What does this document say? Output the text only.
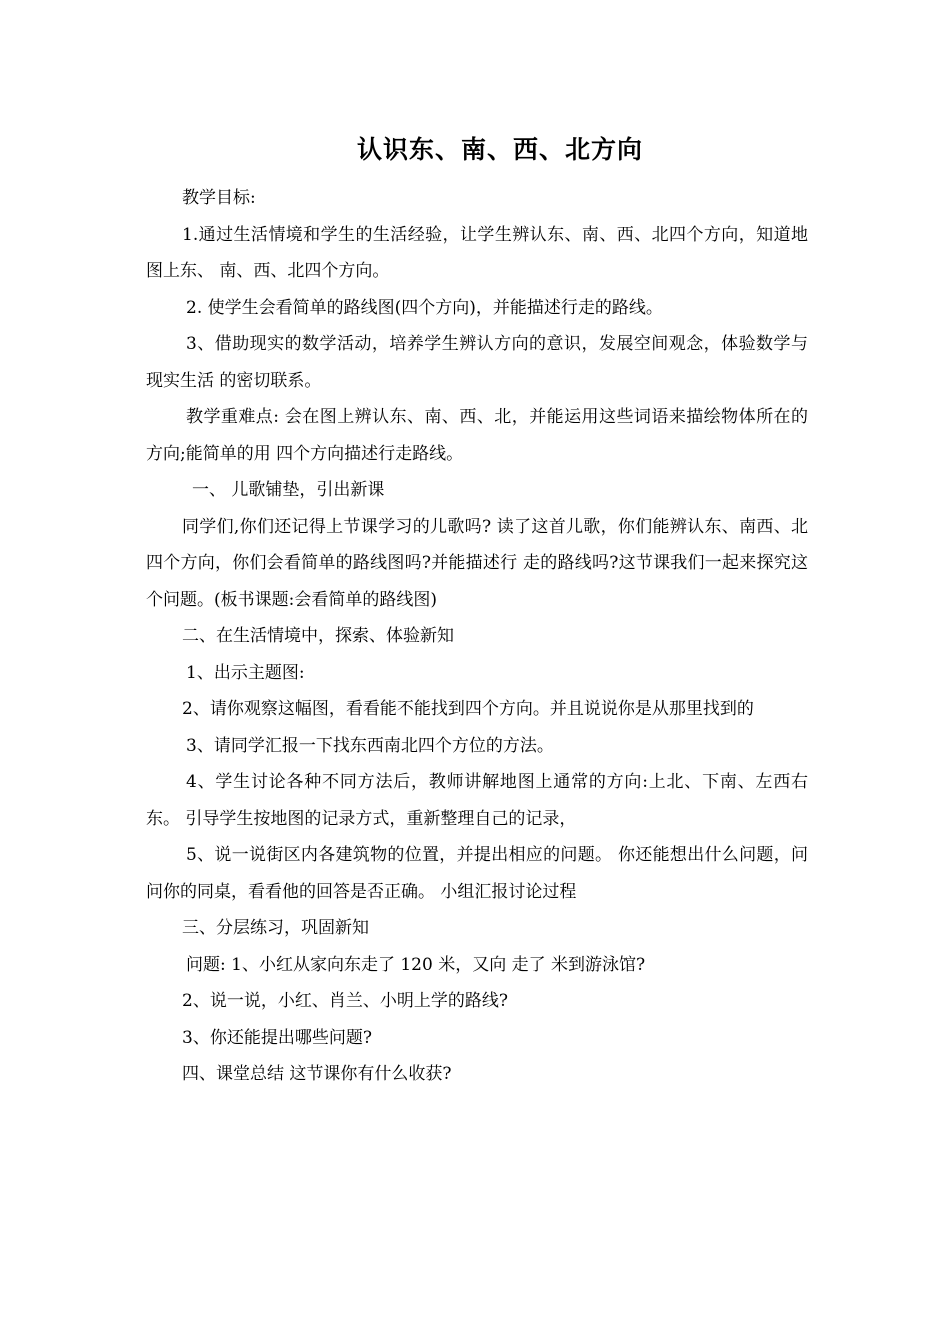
认识东、南、西、北方向

教学目标:

1.通过生活情境和学生的生活经验，让学生辨认东、南、西、北四个方向，知道地图上东、 南、西、北四个方向。

2. 使学生会看简单的路线图(四个方向)，并能描述行走的路线。

3、借助现实的数学活动，培养学生辨认方向的意识，发展空间观念，体验数学与现实生活 的密切联系。

教学重难点: 会在图上辨认东、南、西、北，并能运用这些词语来描绘物体所在的方向;能简单的用 四个方向描述行走路线。

一、 儿歌铺垫，引出新课

同学们,你们还记得上节课学习的儿歌吗? 读了这首儿歌，你们能辨认东、南西、北四个方向，你们会看简单的路线图吗?并能描述行 走的路线吗?这节课我们一起来探究这个问题。(板书课题:会看简单的路线图)

二、在生活情境中，探索、体验新知

1、出示主题图:

2、请你观察这幅图，看看能不能找到四个方向。并且说说你是从那里找到的

3、请同学汇报一下找东西南北四个方位的方法。

4、学生讨论各种不同方法后，教师讲解地图上通常的方向:上北、下南、左西右东。 引导学生按地图的记录方式，重新整理自己的记录，

5、说一说街区内各建筑物的位置，并提出相应的问题。 你还能想出什么问题，问问你的同桌，看看他的回答是否正确。 小组汇报讨论过程

三、分层练习，巩固新知

问题: 1、小红从家向东走了 120 米，又向 走了 米到游泳馆?

2、说一说，小红、肖兰、小明上学的路线?

3、你还能提出哪些问题?

四、课堂总结 这节课你有什么收获?
